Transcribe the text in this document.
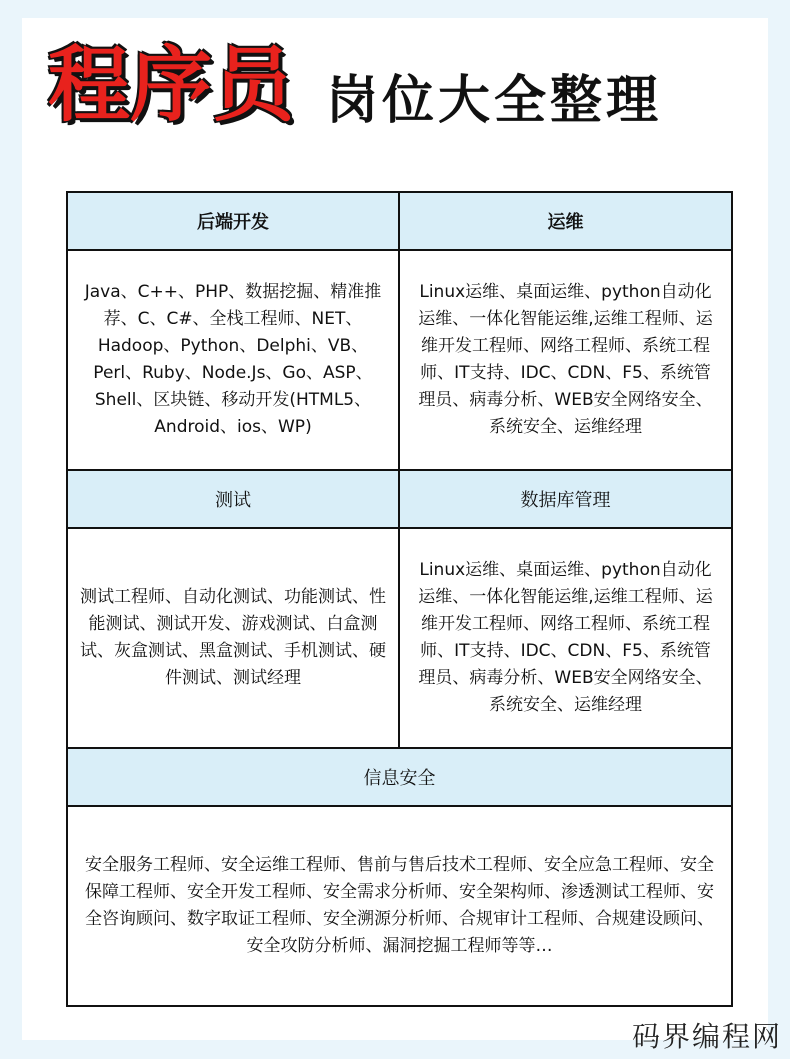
程序员 岗位大全整理
后端开发	运维
Java、C++、PHP、数据挖掘、精准推荐、C、C#、全栈工程师、NET、Hadoop、Python、Delphi、VB、Perl、Ruby、Node.Js、Go、ASP、Shell、区块链、移动开发(HTML5、Android、ios、WP)	Linux运维、桌面运维、python自动化运维、一体化智能运维,运维工程师、运维开发工程师、网络工程师、系统工程师、IT支持、IDC、CDN、F5、系统管理员、病毒分析、WEB安全网络安全、系统安全、运维经理
测试	数据库管理
测试工程师、自动化测试、功能测试、性能测试、测试开发、游戏测试、白盒测试、灰盒测试、黑盒测试、手机测试、硬件测试、测试经理	Linux运维、桌面运维、python自动化运维、一体化智能运维,运维工程师、运维开发工程师、网络工程师、系统工程师、IT支持、IDC、CDN、F5、系统管理员、病毒分析、WEB安全网络安全、系统安全、运维经理
信息安全	
安全服务工程师、安全运维工程师、售前与售后技术工程师、安全应急工程师、安全保障工程师、安全开发工程师、安全需求分析师、安全架构师、渗透测试工程师、安全咨询顾问、数字取证工程师、安全溯源分析师、合规审计工程师、合规建设顾问、安全攻防分析师、漏洞挖掘工程师等等…	
码界编程网
